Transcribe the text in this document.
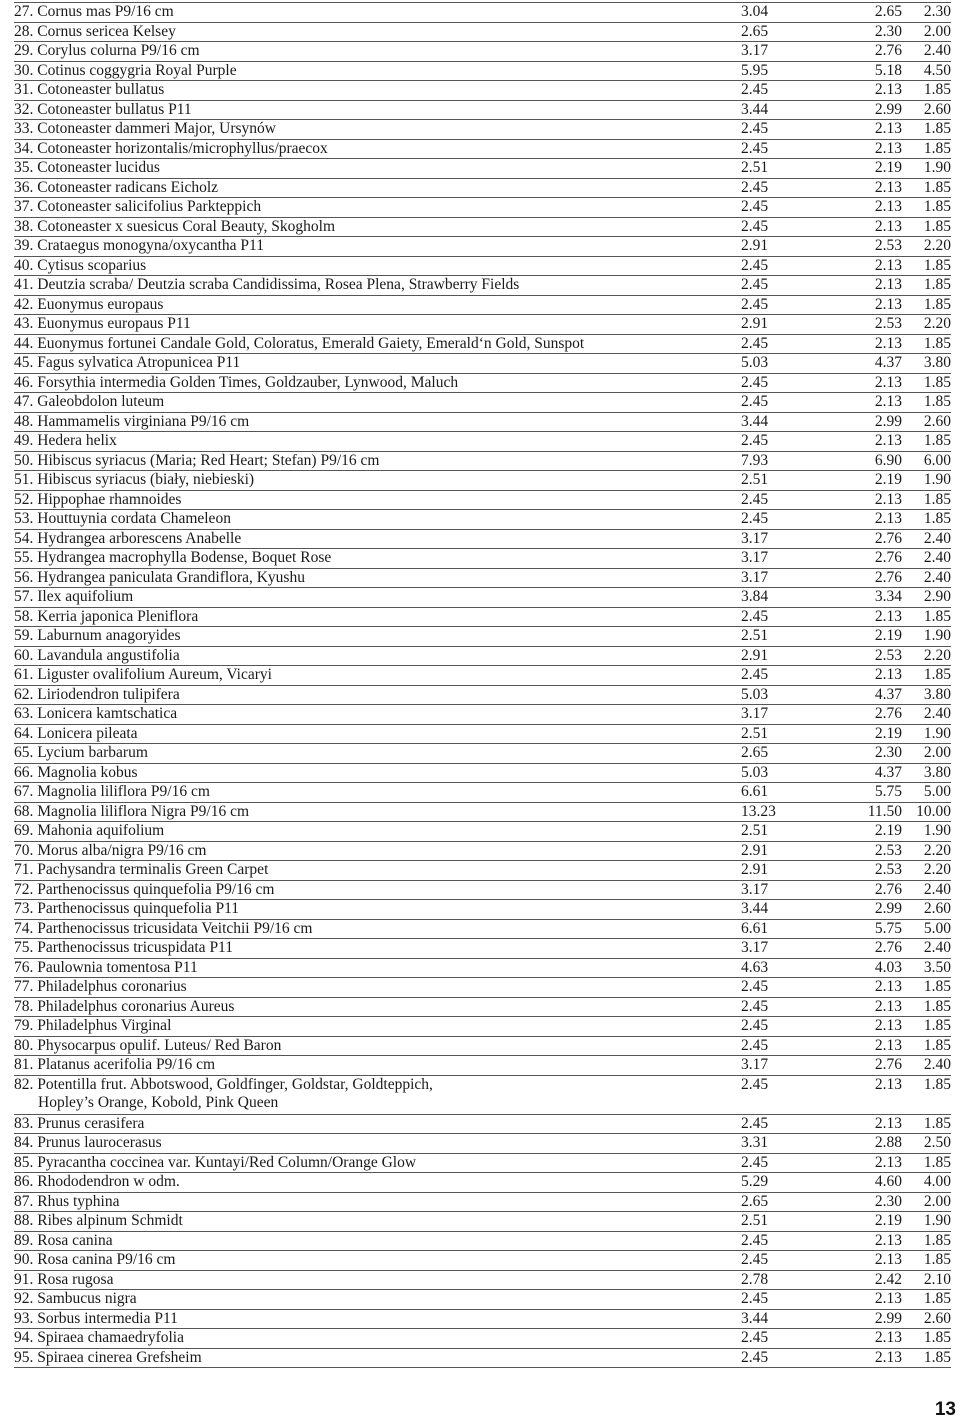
27. Cornus mas P9/16 cm	3.04	2.65	2.30

28. Cornus sericea Kelsey	2.65	2.30	2.00

29. Corylus colurna P9/16 cm	3.17	2.76	2.40

30. Cotinus coggygria Royal Purple	5.95	5.18	4.50

31. Cotoneaster bullatus	2.45	2.13	1.85

32. Cotoneaster bullatus P11	3.44	2.99	2.60

33. Cotoneaster dammeri Major, Ursynów	2.45	2.13	1.85

34. Cotoneaster horizontalis/microphyllus/praecox	2.45	2.13	1.85

35. Cotoneaster lucidus	2.51	2.19	1.90

36. Cotoneaster radicans Eicholz	2.45	2.13	1.85

37. Cotoneaster salicifolius Parkteppich	2.45	2.13	1.85

38. Cotoneaster x suesicus Coral Beauty, Skogholm	2.45	2.13	1.85

39. Crataegus monogyna/oxycantha P11	2.91	2.53	2.20

40. Cytisus scoparius	2.45	2.13	1.85

41. Deutzia scraba/ Deutzia scraba Candidissima, Rosea Plena, Strawberry Fields	2.45	2.13	1.85

42. Euonymus europaus	2.45	2.13	1.85

43. Euonymus europaus P11	2.91	2.53	2.20

44. Euonymus fortunei Candale Gold, Coloratus, Emerald Gaiety, Emerald‘n Gold, Sunspot	2.45	2.13	1.85

45. Fagus sylvatica Atropunicea P11	5.03	4.37	3.80

46. Forsythia intermedia Golden Times, Goldzauber, Lynwood, Maluch	2.45	2.13	1.85

47. Galeobdolon luteum	2.45	2.13	1.85

48. Hammamelis virginiana P9/16 cm	3.44	2.99	2.60

49. Hedera helix	2.45	2.13	1.85

50. Hibiscus syriacus (Maria; Red Heart; Stefan) P9/16 cm	7.93	6.90	6.00

51. Hibiscus syriacus (biały, niebieski)	2.51	2.19	1.90

52. Hippophae rhamnoides	2.45	2.13	1.85

53. Houttuynia cordata Chameleon	2.45	2.13	1.85

54. Hydrangea arborescens Anabelle	3.17	2.76	2.40

55. Hydrangea macrophylla Bodense, Boquet Rose	3.17	2.76	2.40

56. Hydrangea paniculata Grandiflora, Kyushu	3.17	2.76	2.40

57. Ilex aquifolium	3.84	3.34	2.90

58. Kerria japonica Pleniflora	2.45	2.13	1.85

59. Laburnum anagoryides	2.51	2.19	1.90

60. Lavandula angustifolia	2.91	2.53	2.20

61. Liguster ovalifolium Aureum, Vicaryi	2.45	2.13	1.85

62. Liriodendron tulipifera	5.03	4.37	3.80

63. Lonicera kamtschatica	3.17	2.76	2.40

64. Lonicera pileata	2.51	2.19	1.90

65. Lycium barbarum	2.65	2.30	2.00

66. Magnolia kobus	5.03	4.37	3.80

67. Magnolia liliflora P9/16 cm	6.61	5.75	5.00

68. Magnolia liliflora Nigra P9/16 cm	13.23	11.50	10.00

69. Mahonia aquifolium	2.51	2.19	1.90

70. Morus alba/nigra P9/16 cm	2.91	2.53	2.20

71. Pachysandra terminalis Green Carpet	2.91	2.53	2.20

72. Parthenocissus quinquefolia P9/16 cm	3.17	2.76	2.40

73. Parthenocissus quinquefolia P11	3.44	2.99	2.60

74. Parthenocissus tricusidata Veitchii P9/16 cm	6.61	5.75	5.00

75. Parthenocissus tricuspidata P11	3.17	2.76	2.40

76. Paulownia tomentosa P11	4.63	4.03	3.50

77. Philadelphus coronarius	2.45	2.13	1.85

78. Philadelphus coronarius Aureus	2.45	2.13	1.85

79. Philadelphus Virginal	2.45	2.13	1.85

80. Physocarpus opulif. Luteus/ Red Baron	2.45	2.13	1.85

81. Platanus acerifolia P9/16 cm	3.17	2.76	2.40

82. Potentilla frut. Abbotswood, Goldfinger, Goldstar, Goldteppich,
Hopley’s Orange, Kobold, Pink Queen	2.45	2.13	1.85

83. Prunus cerasifera	2.45	2.13	1.85

84. Prunus laurocerasus	3.31	2.88	2.50

85. Pyracantha coccinea var. Kuntayi/Red Column/Orange Glow	2.45	2.13	1.85

86. Rhododendron w odm.	5.29	4.60	4.00

87. Rhus typhina	2.65	2.30	2.00

88. Ribes alpinum Schmidt	2.51	2.19	1.90

89. Rosa canina	2.45	2.13	1.85

90. Rosa canina P9/16 cm	2.45	2.13	1.85

91. Rosa rugosa	2.78	2.42	2.10

92. Sambucus nigra	2.45	2.13	1.85

93. Sorbus intermedia P11	3.44	2.99	2.60

94. Spiraea chamaedryfolia	2.45	2.13	1.85

95. Spiraea cinerea Grefsheim	2.45	2.13	1.85
13
